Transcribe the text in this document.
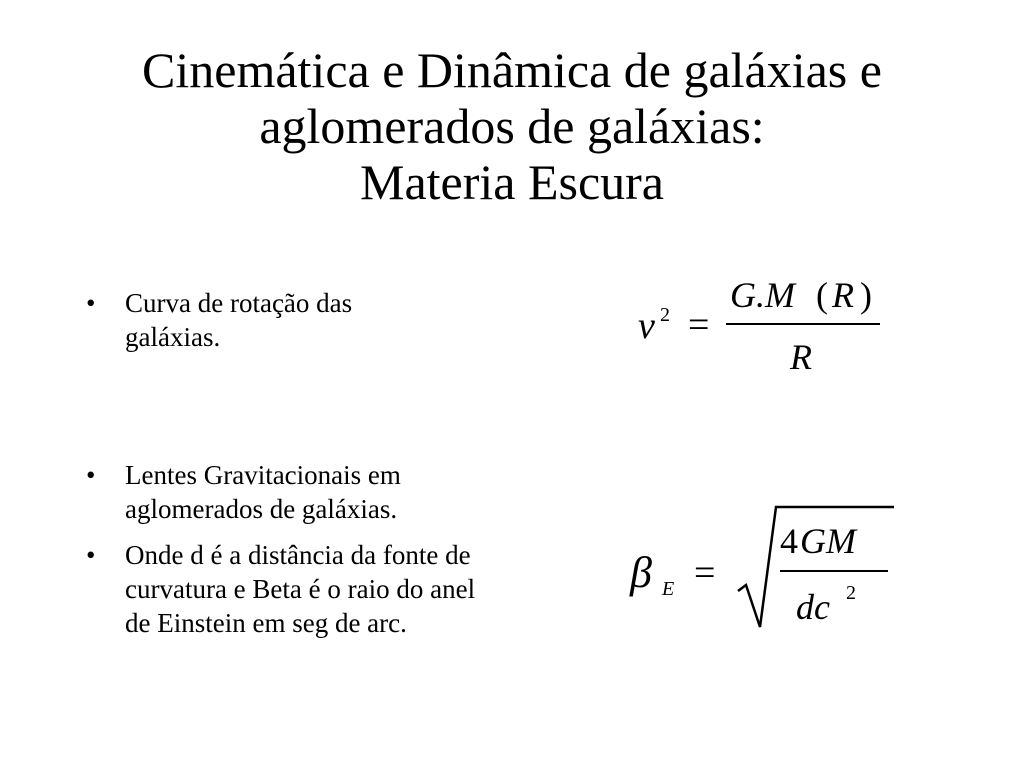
Cinemática e Dinâmica de galáxias e
aglomerados de galáxias:
Materia Escura
•	Curva de rotação das galáxias.
•	Lentes Gravitacionais em aglomerados de galáxias.
•	Onde d é a distância da fonte de curvatura e Beta é o raio do anel de Einstein em seg de arc.
v 2 =
G.M ( R )
R
β E =
4 GM
dc 2
